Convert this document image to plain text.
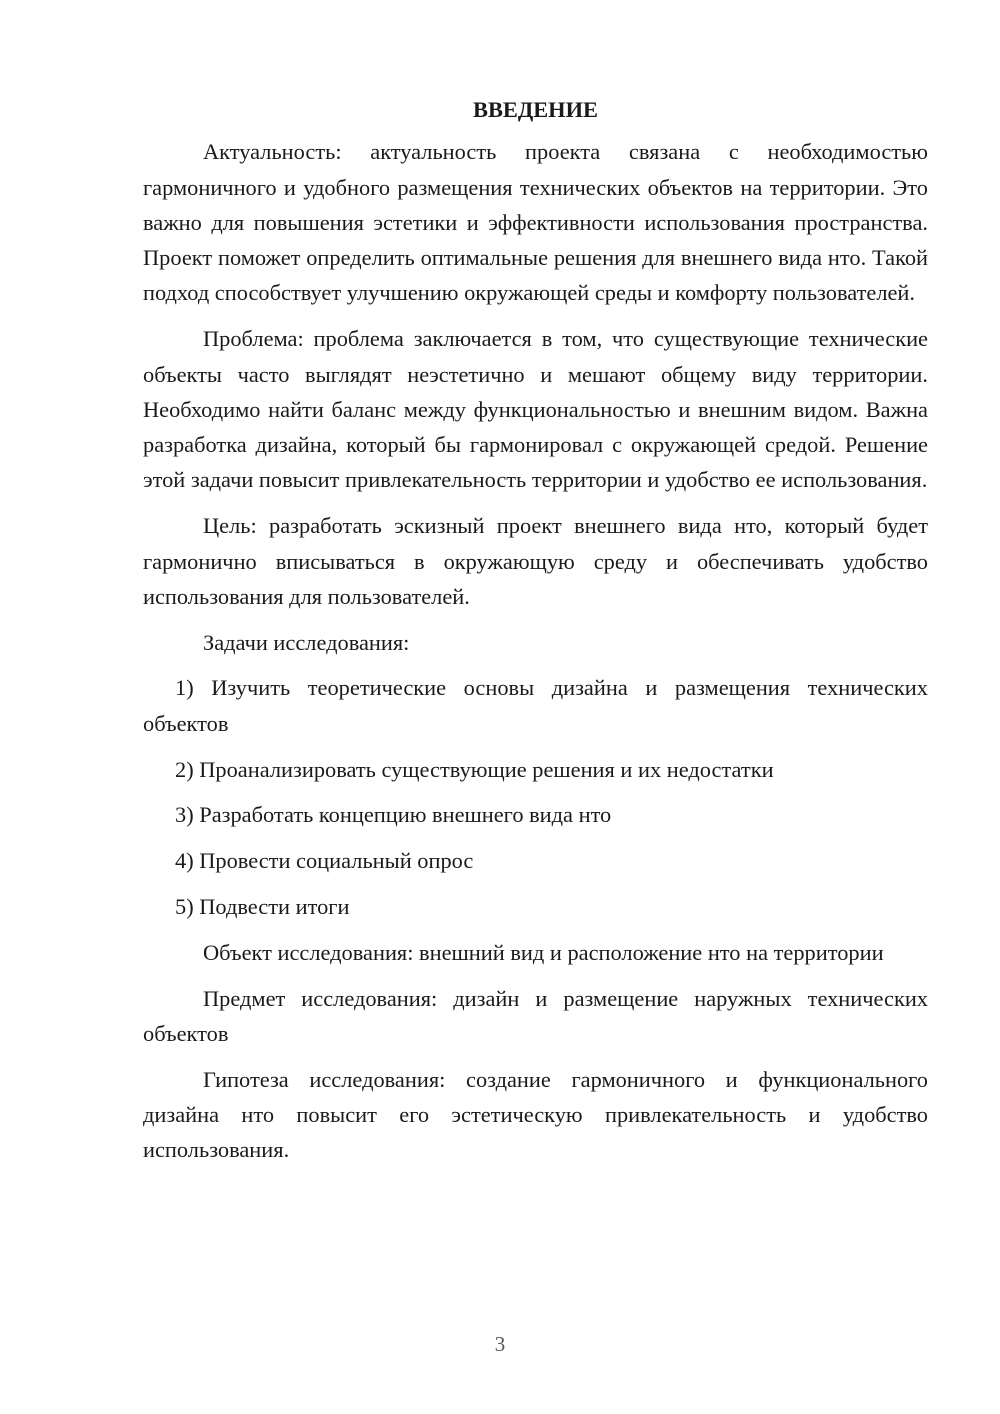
ВВЕДЕНИЕ

Актуальность: актуальность проекта связана с необходимостью гармоничного и удобного размещения технических объектов на территории. Это важно для повышения эстетики и эффективности использования пространства. Проект поможет определить оптимальные решения для внешнего вида нто. Такой подход способствует улучшению окружающей среды и комфорту пользователей.

Проблема: проблема заключается в том, что существующие технические объекты часто выглядят неэстетично и мешают общему виду территории. Необходимо найти баланс между функциональностью и внешним видом. Важна разработка дизайна, который бы гармонировал с окружающей средой. Решение этой задачи повысит привлекательность территории и удобство ее использования.

Цель: разработать эскизный проект внешнего вида нто, который будет гармонично вписываться в окружающую среду и обеспечивать удобство использования для пользователей.

Задачи исследования:

1) Изучить теоретические основы дизайна и размещения технических объектов

2) Проанализировать существующие решения и их недостатки

3) Разработать концепцию внешнего вида нто

4) Провести социальный опрос

5) Подвести итоги

Объект исследования: внешний вид и расположение нто на территории

Предмет исследования: дизайн и размещение наружных технических объектов

Гипотеза исследования: создание гармоничного и функционального дизайна нто повысит его эстетическую привлекательность и удобство использования.

3
